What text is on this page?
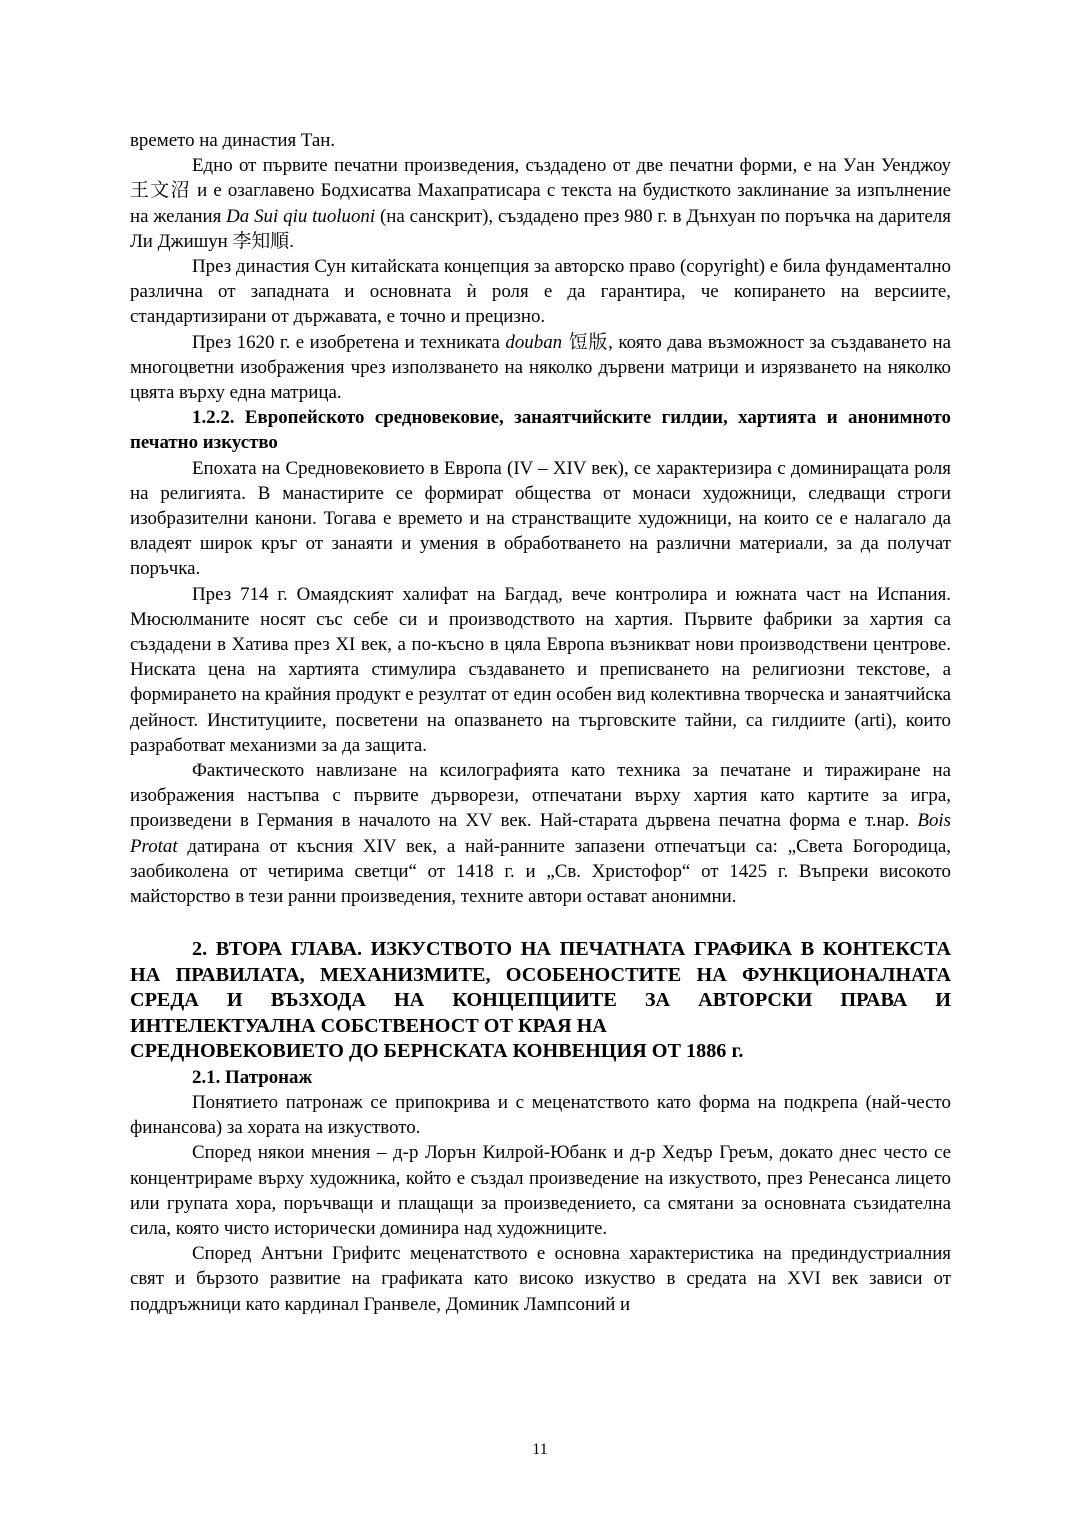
времето на династия Тан.

Едно от първите печатни произведения, създадено от две печатни форми, е на Уан Уенджоу 王文沼 и е озаглавено Бодхисатва Махапратисара с текста на будисткото заклинание за изпълнение на желания Da Sui qiu tuoluoni (на санскрит), създадено през 980 г. в Дънхуан по поръчка на дарителя Ли Джишун 李知順.

През династия Сун китайската концепция за авторско право (copyright) е била фундаментално различна от западната и основната ѝ роля е да гарантира, че копирането на версиите, стандартизирани от държавата, е точно и прецизно.

През 1620 г. е изобретена и техниката douban 饾版, която дава възможност за създаването на многоцветни изображения чрез използването на няколко дървени матрици и изрязването на няколко цвята върху една матрица.

1.2.2. Европейското средновековие, занаятчийските гилдии, хартията и анонимното печатно изкуство

Епохата на Средновековието в Европа (IV – XIV век), се характеризира с доминиращата роля на религията. В манастирите се формират общества от монаси художници, следващи строги изобразителни канони. Тогава е времето и на странстващите художници, на които се е налагало да владеят широк кръг от занаяти и умения в обработването на различни материали, за да получат поръчка.

През 714 г. Омаядският халифат на Багдад, вече контролира и южната част на Испания. Мюсюлманите носят със себе си и производството на хартия. Първите фабрики за хартия са създадени в Хатива през XI век, а по-късно в цяла Европа възникват нови производствени центрове. Ниската цена на хартията стимулира създаването и преписването на религиозни текстове, а формирането на крайния продукт е резултат от един особен вид колективна творческа и занаятчийска дейност. Институциите, посветени на опазването на търговските тайни, са гилдиите (arti), които разработват механизми за да защита.

Фактическото навлизане на ксилографията като техника за печатане и тиражиране на изображения настъпва с първите дърворези, отпечатани върху хартия като картите за игра, произведени в Германия в началото на XV век. Най-старата дървена печатна форма е т.нар. Bois Protat датирана от късния XIV век, а най-ранните запазени отпечатъци са: „Света Богородица, заобиколена от четирима светци“ от 1418 г. и „Св. Христофор“ от 1425 г. Въпреки високото майсторство в тези ранни произведения, техните автори остават анонимни.

2. ВТОРА ГЛАВА. ИЗКУСТВОТО НА ПЕЧАТНАТА ГРАФИКА В КОНТЕКСТА НА ПРАВИЛАТА, МЕХАНИЗМИТЕ, ОСОБЕНОСТИТЕ НА ФУНКЦИОНАЛНАТА СРЕДА И ВЪЗХОДА НА КОНЦЕПЦИИТЕ ЗА АВТОРСКИ ПРАВА И ИНТЕЛЕКТУАЛНА СОБСТВЕНОСТ ОТ КРАЯ НА
СРЕДНОВЕКОВИЕТО ДО БЕРНСКАТА КОНВЕНЦИЯ ОТ 1886 г.

2.1. Патронаж

Понятието патронаж се припокрива и с меценатството като форма на подкрепа (най-често финансова) за хората на изкуството.

Според някои мнения – д-р Лорън Килрой-Юбанк и д-р Хедър Греъм, докато днес често се концентрираме върху художника, който е създал произведение на изкуството, през Ренесанса лицето или групата хора, поръчващи и плащащи за произведението, са смятани за основната съзидателна сила, която чисто исторически доминира над художниците.

Според Антъни Грифитс меценатството е основна характеристика на прединдустриалния свят и бързото развитие на графиката като високо изкуство в средата на XVI век зависи от поддръжници като кардинал Гранвеле, Доминик Лампсоний и

11
